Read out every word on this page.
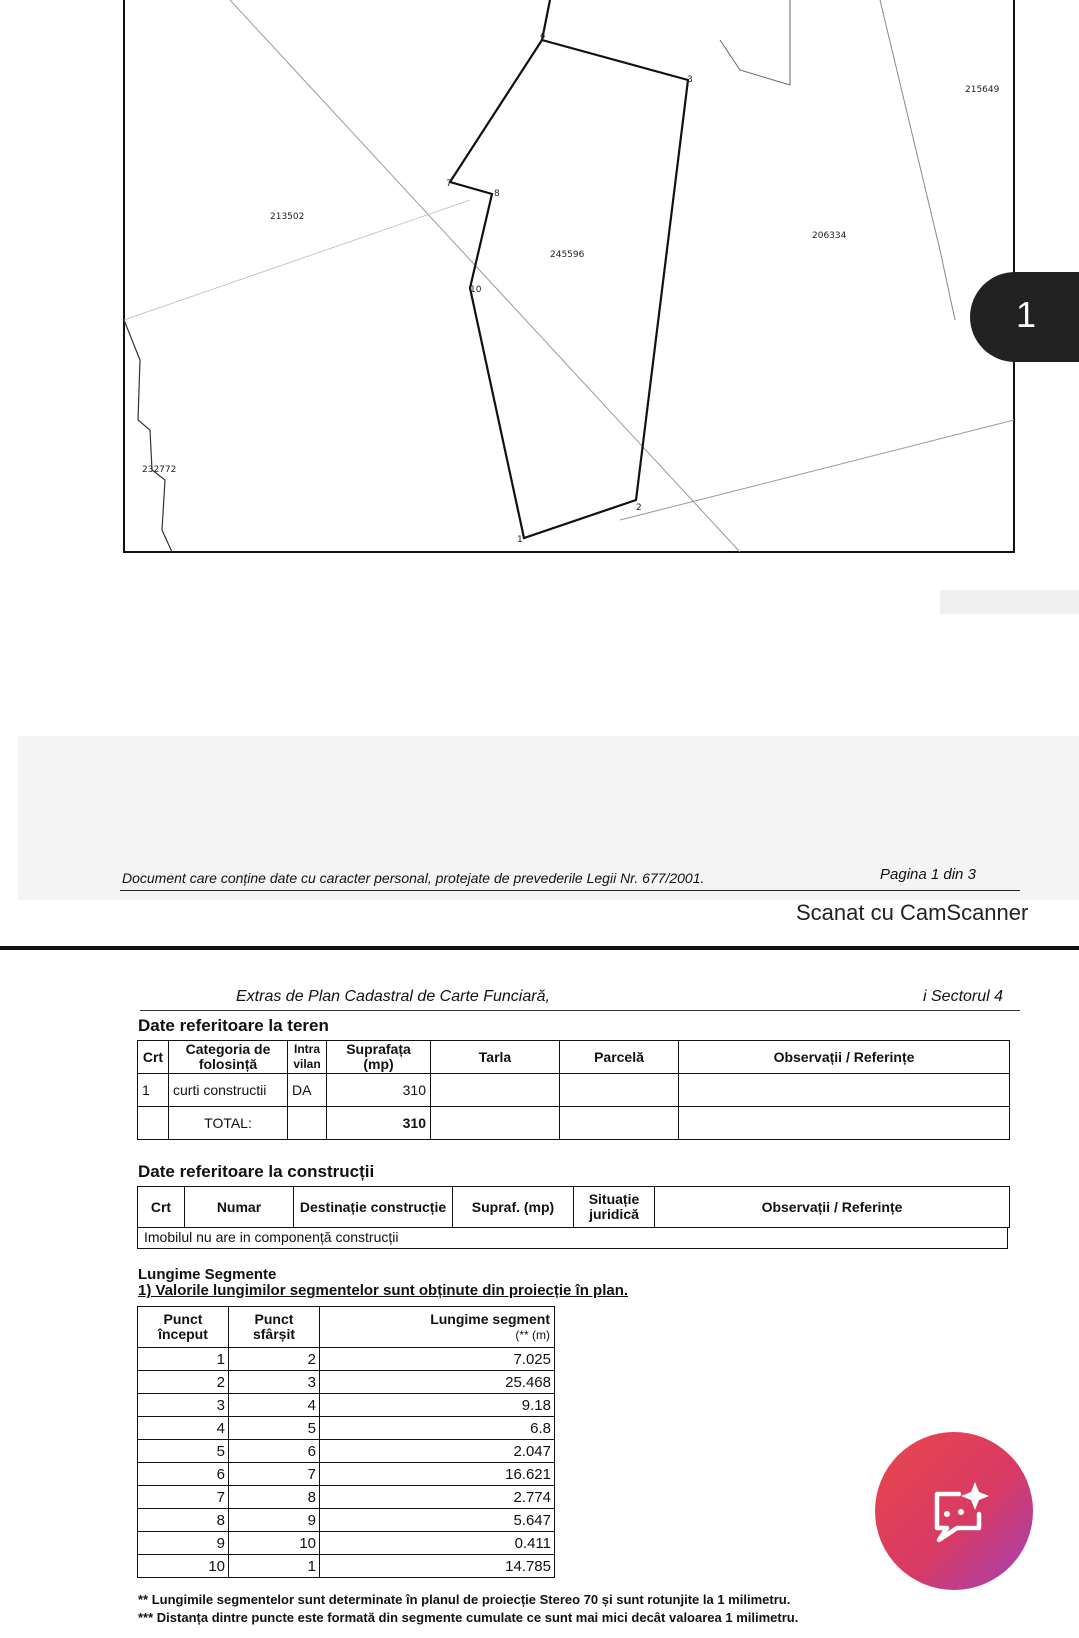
4
3
2
1
10
8
7
213502
245596
206334
215649
232772
1
Document care conține date cu caracter personal, protejate de prevederile Legii Nr. 677/2001.	Pagina 1 din 3
Scanat cu CamScanner
Extras de Plan Cadastral de Carte Funciară,	i Sectorul 4
Date referitoare la teren
Crt	Categoria de folosință	Intra vilan	Suprafața (mp)	Tarla	Parcelă	Observații / Referințe
1	curti constructii	DA	310			
	TOTAL:		310			
Date referitoare la construcții
Crt	Numar	Destinație construcție	Supraf. (mp)	Situație juridică	Observații / Referințe
Imobilul nu are in componență construcții
Lungime Segmente
1) Valorile lungimilor segmentelor sunt obținute din proiecție în plan.
Punct început	Punct sfârșit	Lungime segment
(** (m)
1	2	7.025
2	3	25.468
3	4	9.18
4	5	6.8
5	6	2.047
6	7	16.621
7	8	2.774
8	9	5.647
9	10	0.411
10	1	14.785
** Lungimile segmentelor sunt determinate în planul de proiecție Stereo 70 și sunt rotunjite la 1 milimetru.
*** Distanța dintre puncte este formată din segmente cumulate ce sunt mai mici decât valoarea 1 milimetru.
